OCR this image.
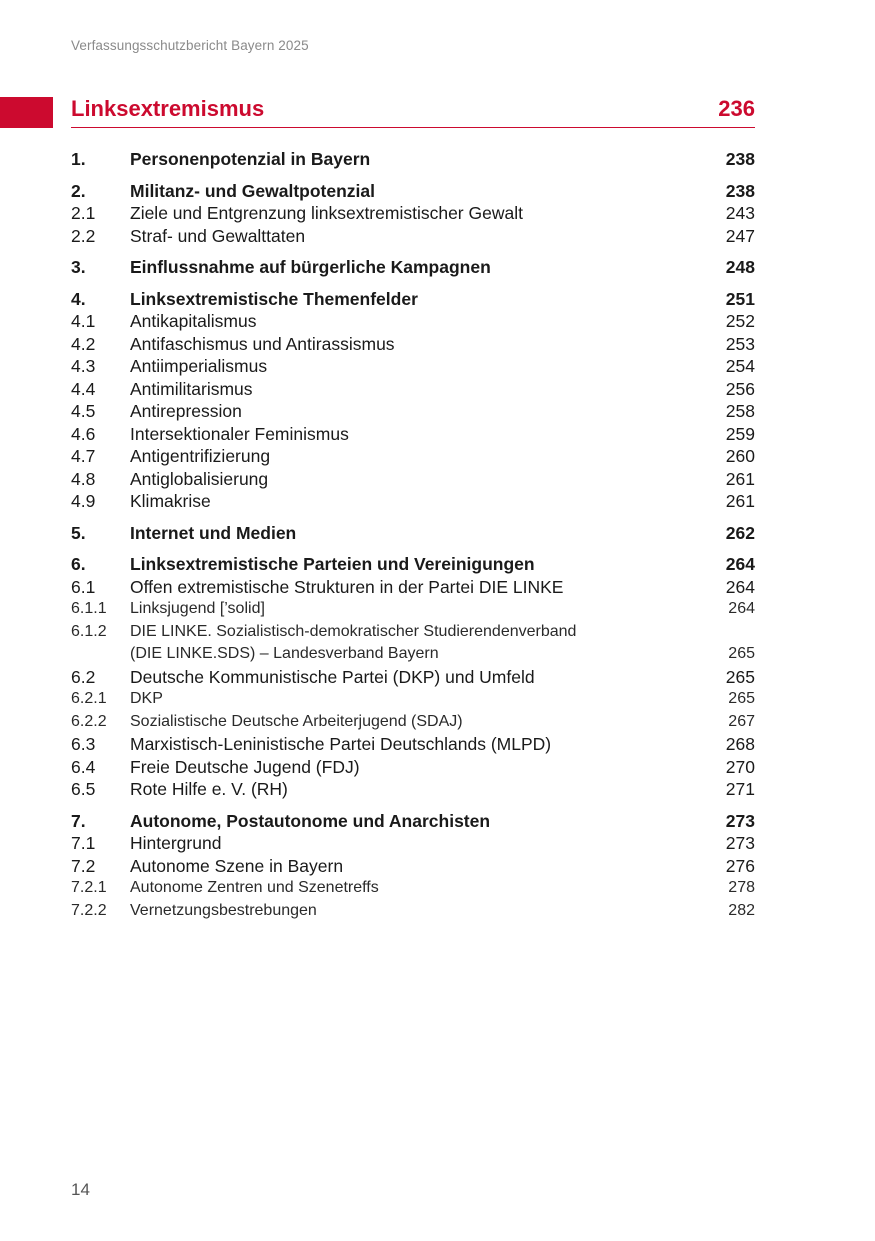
Verfassungsschutzbericht Bayern 2025
Linksextremismus	236
1.	Personenpotenzial in Bayern	238
2.	Militanz- und Gewaltpotenzial	238
2.1 Ziele und Entgrenzung linksextremistischer Gewalt	243
2.2 Straf- und Gewalttaten	247
3.	Einflussnahme auf bürgerliche Kampagnen	248
4.	Linksextremistische Themenfelder	251
4.1 Antikapitalismus	252
4.2 Antifaschismus und Antirassismus	253
4.3 Antiimperialismus	254
4.4 Antimilitarismus	256
4.5 Antirepression	258
4.6 Intersektionaler Feminismus	259
4.7 Antigentrifizierung	260
4.8 Antiglobalisierung	261
4.9 Klimakrise	261
5.	Internet und Medien	262
6.	Linksextremistische Parteien und Vereinigungen	264
6.1 Offen extremistische Strukturen in der Partei DIE LINKE	264
6.1.1 Linksjugend [’solid]	264
6.1.2 DIE LINKE. Sozialistisch-demokratischer Studierendenverband
(DIE LINKE.SDS) – Landesverband Bayern	265
6.2 Deutsche Kommunistische Partei (DKP) und Umfeld	265
6.2.1 DKP	265
6.2.2 Sozialistische Deutsche Arbeiterjugend (SDAJ)	267
6.3 Marxistisch-Leninistische Partei Deutschlands (MLPD)	268
6.4 Freie Deutsche Jugend (FDJ)	270
6.5 Rote Hilfe e. V. (RH)	271
7.	Autonome, Postautonome und Anarchisten	273
7.1 Hintergrund	273
7.2 Autonome Szene in Bayern	276
7.2.1 Autonome Zentren und Szenetreffs	278
7.2.2 Vernetzungsbestrebungen	282
14
